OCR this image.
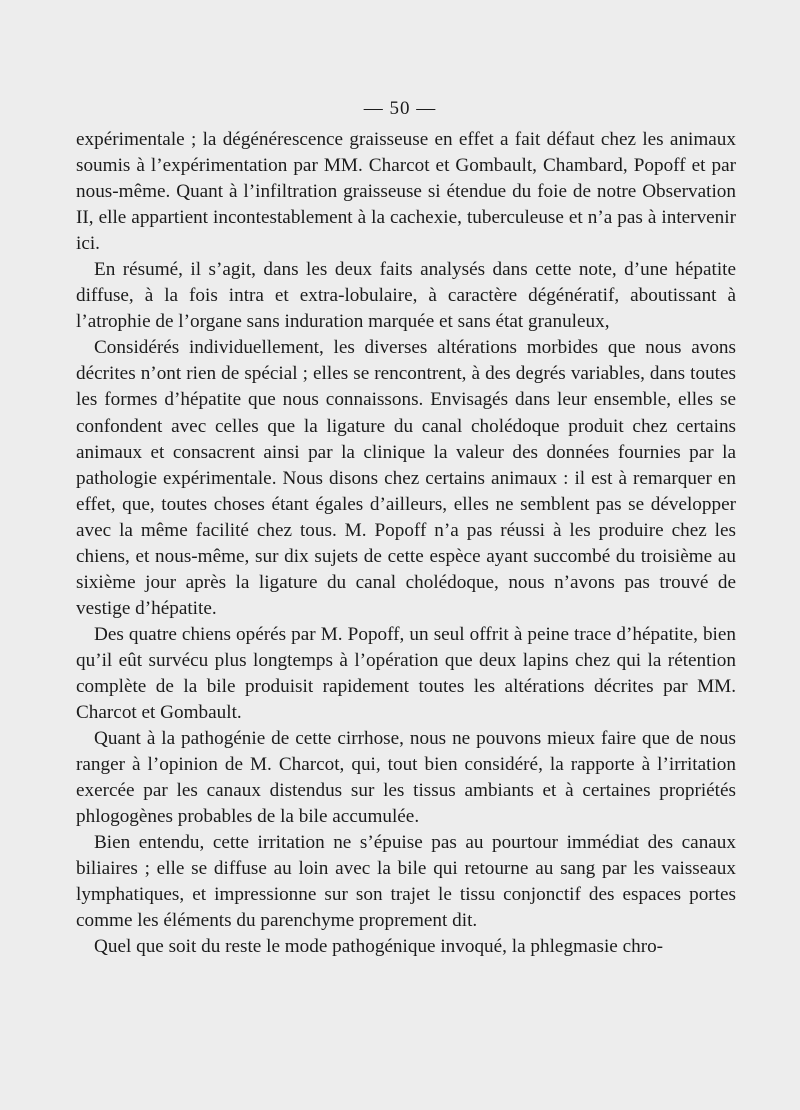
— 50 —

expérimentale ; la dégénérescence graisseuse en effet a fait défaut chez les animaux soumis à l’expérimentation par MM. Charcot et Gombault, Chambard, Popoff et par nous-même. Quant à l’infiltration graisseuse si étendue du foie de notre Observation II, elle appartient incontestablement à la cachexie, tuberculeuse et n’a pas à intervenir ici.

En résumé, il s’agit, dans les deux faits analysés dans cette note, d’une hépatite diffuse, à la fois intra et extra-lobulaire, à caractère dégénératif, aboutissant à l’atrophie de l’organe sans induration marquée et sans état granuleux,

Considérés individuellement, les diverses altérations morbides que nous avons décrites n’ont rien de spécial ; elles se rencontrent, à des degrés variables, dans toutes les formes d’hépatite que nous connaissons. Envisagés dans leur ensemble, elles se confondent avec celles que la ligature du canal cholédoque produit chez certains animaux et consacrent ainsi par la clinique la valeur des données fournies par la pathologie expérimentale. Nous disons chez certains animaux : il est à remarquer en effet, que, toutes choses étant égales d’ailleurs, elles ne semblent pas se développer avec la même facilité chez tous. M. Popoff n’a pas réussi à les produire chez les chiens, et nous-même, sur dix sujets de cette espèce ayant succombé du troisième au sixième jour après la ligature du canal cholédoque, nous n’avons pas trouvé de vestige d’hépatite.

Des quatre chiens opérés par M. Popoff, un seul offrit à peine trace d’hépatite, bien qu’il eût survécu plus longtemps à l’opération que deux lapins chez qui la rétention complète de la bile produisit rapidement toutes les altérations décrites par MM. Charcot et Gombault.

Quant à la pathogénie de cette cirrhose, nous ne pouvons mieux faire que de nous ranger à l’opinion de M. Charcot, qui, tout bien considéré, la rapporte à l’irritation exercée par les canaux distendus sur les tissus ambiants et à certaines propriétés phlogogènes probables de la bile accumulée.

Bien entendu, cette irritation ne s’épuise pas au pourtour immédiat des canaux biliaires ; elle se diffuse au loin avec la bile qui retourne au sang par les vaisseaux lymphatiques, et impressionne sur son trajet le tissu conjonctif des espaces portes comme les éléments du parenchyme proprement dit.

Quel que soit du reste le mode pathogénique invoqué, la phlegmasie chro-
